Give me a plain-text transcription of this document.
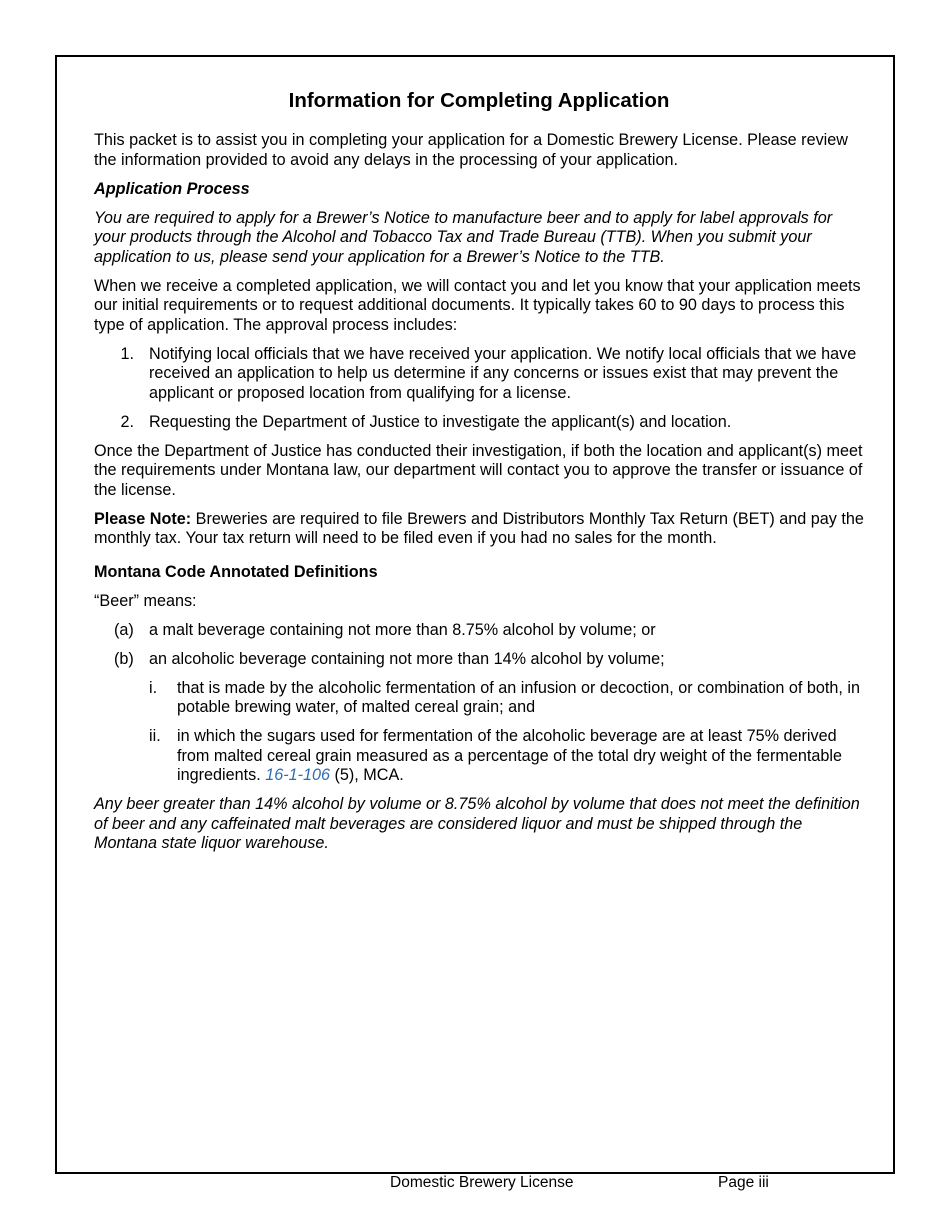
Information for Completing Application

This packet is to assist you in completing your application for a Domestic Brewery License. Please review the information provided to avoid any delays in the processing of your application.

Application Process

You are required to apply for a Brewer’s Notice to manufacture beer and to apply for label approvals for your products through the Alcohol and Tobacco Tax and Trade Bureau (TTB). When you submit your application to us, please send your application for a Brewer’s Notice to the TTB.

When we receive a completed application, we will contact you and let you know that your application meets our initial requirements or to request additional documents. It typically takes 60 to 90 days to process this type of application. The approval process includes:

1. Notifying local officials that we have received your application. We notify local officials that we have received an application to help us determine if any concerns or issues exist that may prevent the applicant or proposed location from qualifying for a license.
2. Requesting the Department of Justice to investigate the applicant(s) and location.

Once the Department of Justice has conducted their investigation, if both the location and applicant(s) meet the requirements under Montana law, our department will contact you to approve the transfer or issuance of the license.

Please Note: Breweries are required to file Brewers and Distributors Monthly Tax Return (BET) and pay the monthly tax. Your tax return will need to be filed even if you had no sales for the month.

Montana Code Annotated Definitions

“Beer” means:

(a) a malt beverage containing not more than 8.75% alcohol by volume; or
(b) an alcoholic beverage containing not more than 14% alcohol by volume;
i.	that is made by the alcoholic fermentation of an infusion or decoction, or combination of both, in potable brewing water, of malted cereal grain; and
ii.	in which the sugars used for fermentation of the alcoholic beverage are at least 75% derived from malted cereal grain measured as a percentage of the total dry weight of the fermentable ingredients. 16-1-106 (5), MCA.

Any beer greater than 14% alcohol by volume or 8.75% alcohol by volume that does not meet the definition of beer and any caffeinated malt beverages are considered liquor and must be shipped through the Montana state liquor warehouse.

Domestic Brewery License	Page iii
